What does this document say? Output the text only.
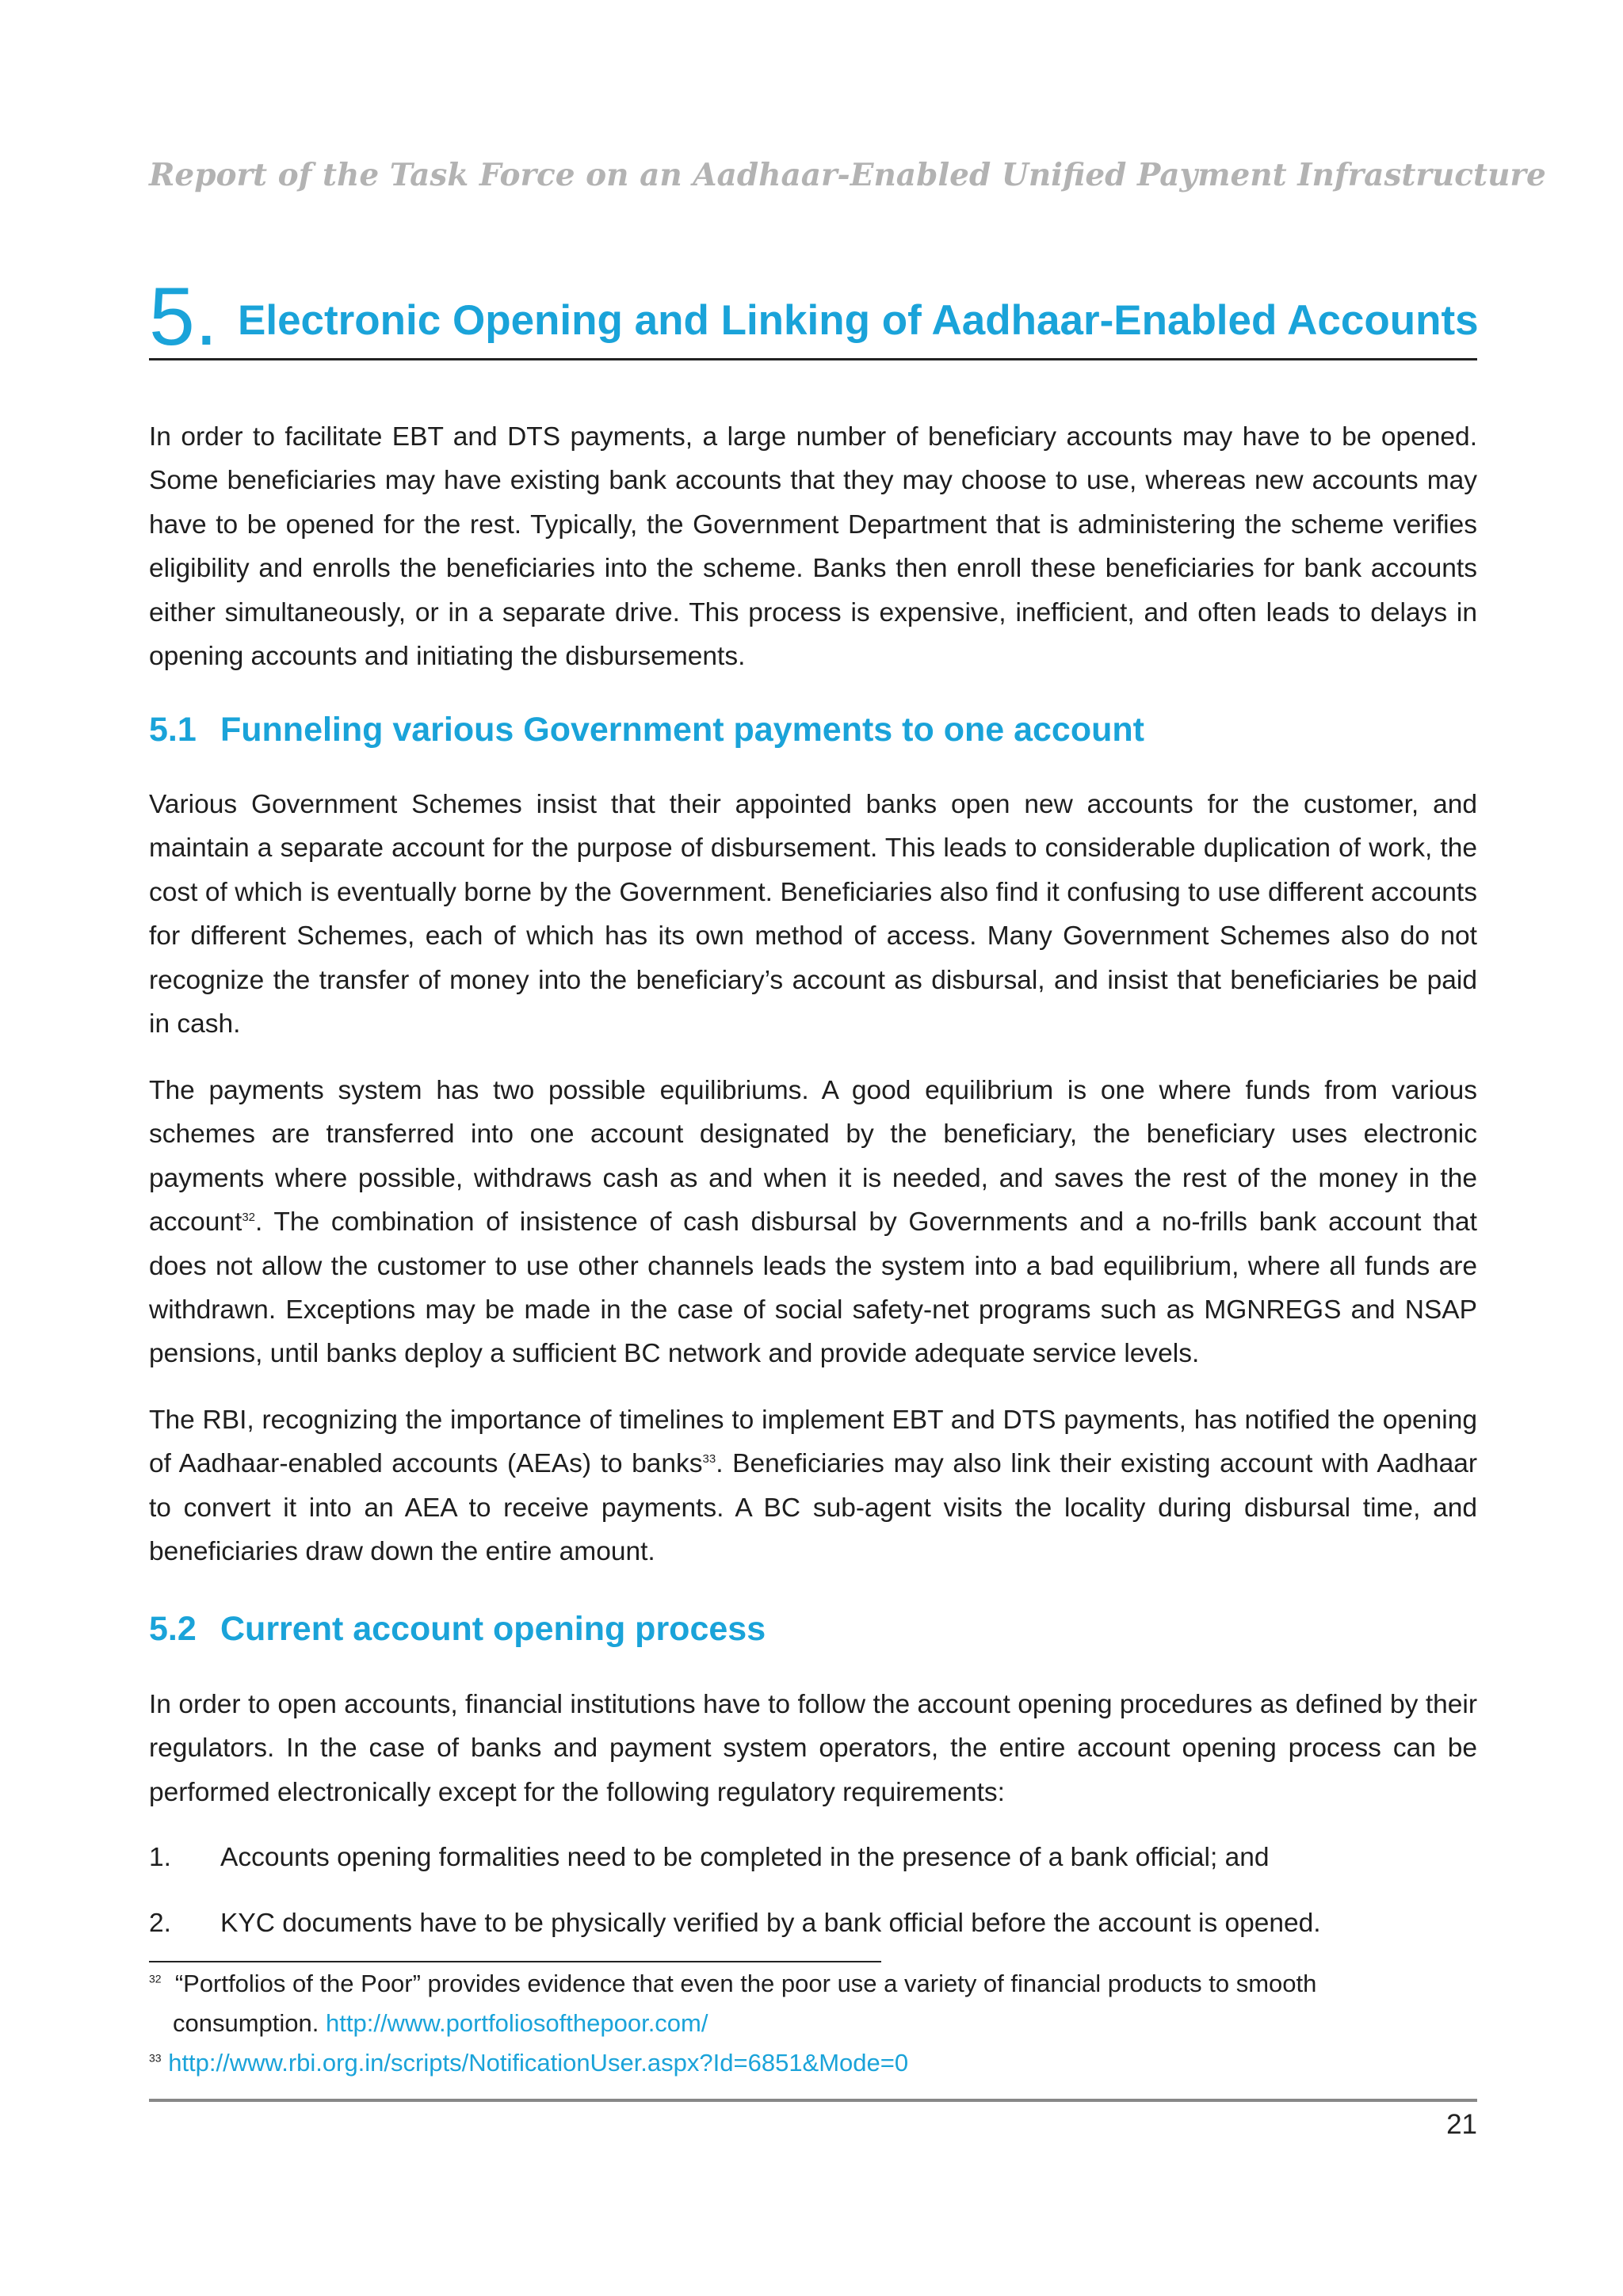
Report of the Task Force on an Aadhaar-Enabled Unified Payment Infrastructure
5. Electronic Opening and Linking of Aadhaar-Enabled Accounts

In order to facilitate EBT and DTS payments, a large number of beneficiary accounts may have to be opened. Some beneficiaries may have existing bank accounts that they may choose to use, whereas new accounts may have to be opened for the rest. Typically, the Government Department that is administering the scheme verifies eligibility and enrolls the beneficiaries into the scheme. Banks then enroll these beneficiaries for bank accounts either simultaneously, or in a separate drive. This process is expensive, inefficient, and often leads to delays in opening accounts and initiating the disbursements.

5.1 Funneling various Government payments to one account

Various Government Schemes insist that their appointed banks open new accounts for the customer, and maintain a separate account for the purpose of disbursement. This leads to considerable duplication of work, the cost of which is eventually borne by the Government. Beneficiaries also find it confusing to use different accounts for different Schemes, each of which has its own method of access. Many Government Schemes also do not recognize the transfer of money into the beneficiary’s account as disbursal, and insist that beneficiaries be paid in cash.

The payments system has two possible equilibriums. A good equilibrium is one where funds from various schemes are transferred into one account designated by the beneficiary, the beneficiary uses electronic payments where possible, withdraws cash as and when it is needed, and saves the rest of the money in the account$^{32}$. The combination of insistence of cash disbursal by Governments and a no-frills bank account that does not allow the customer to use other channels leads the system into a bad equilibrium, where all funds are withdrawn. Exceptions may be made in the case of social safety-net programs such as MGNREGS and NSAP pensions, until banks deploy a sufficient BC network and provide adequate service levels.

The RBI, recognizing the importance of timelines to implement EBT and DTS payments, has notified the opening of Aadhaar-enabled accounts (AEAs) to banks$^{33}$. Beneficiaries may also link their existing account with Aadhaar to convert it into an AEA to receive payments. A BC sub-agent visits the locality during disbursal time, and beneficiaries draw down the entire amount.

5.2 Current account opening process

In order to open accounts, financial institutions have to follow the account opening procedures as defined by their regulators. In the case of banks and payment system operators, the entire account opening process can be performed electronically except for the following regulatory requirements:

1. Accounts opening formalities need to be completed in the presence of a bank official; and
2. KYC documents have to be physically verified by a bank official before the account is opened.
$^{32}$ “Portfolios of the Poor” provides evidence that even the poor use a variety of financial products to smooth
consumption. http://www.portfoliosofthepoor.com/
$^{33}$ http://www.rbi.org.in/scripts/NotificationUser.aspx?Id=6851&Mode=0
21
